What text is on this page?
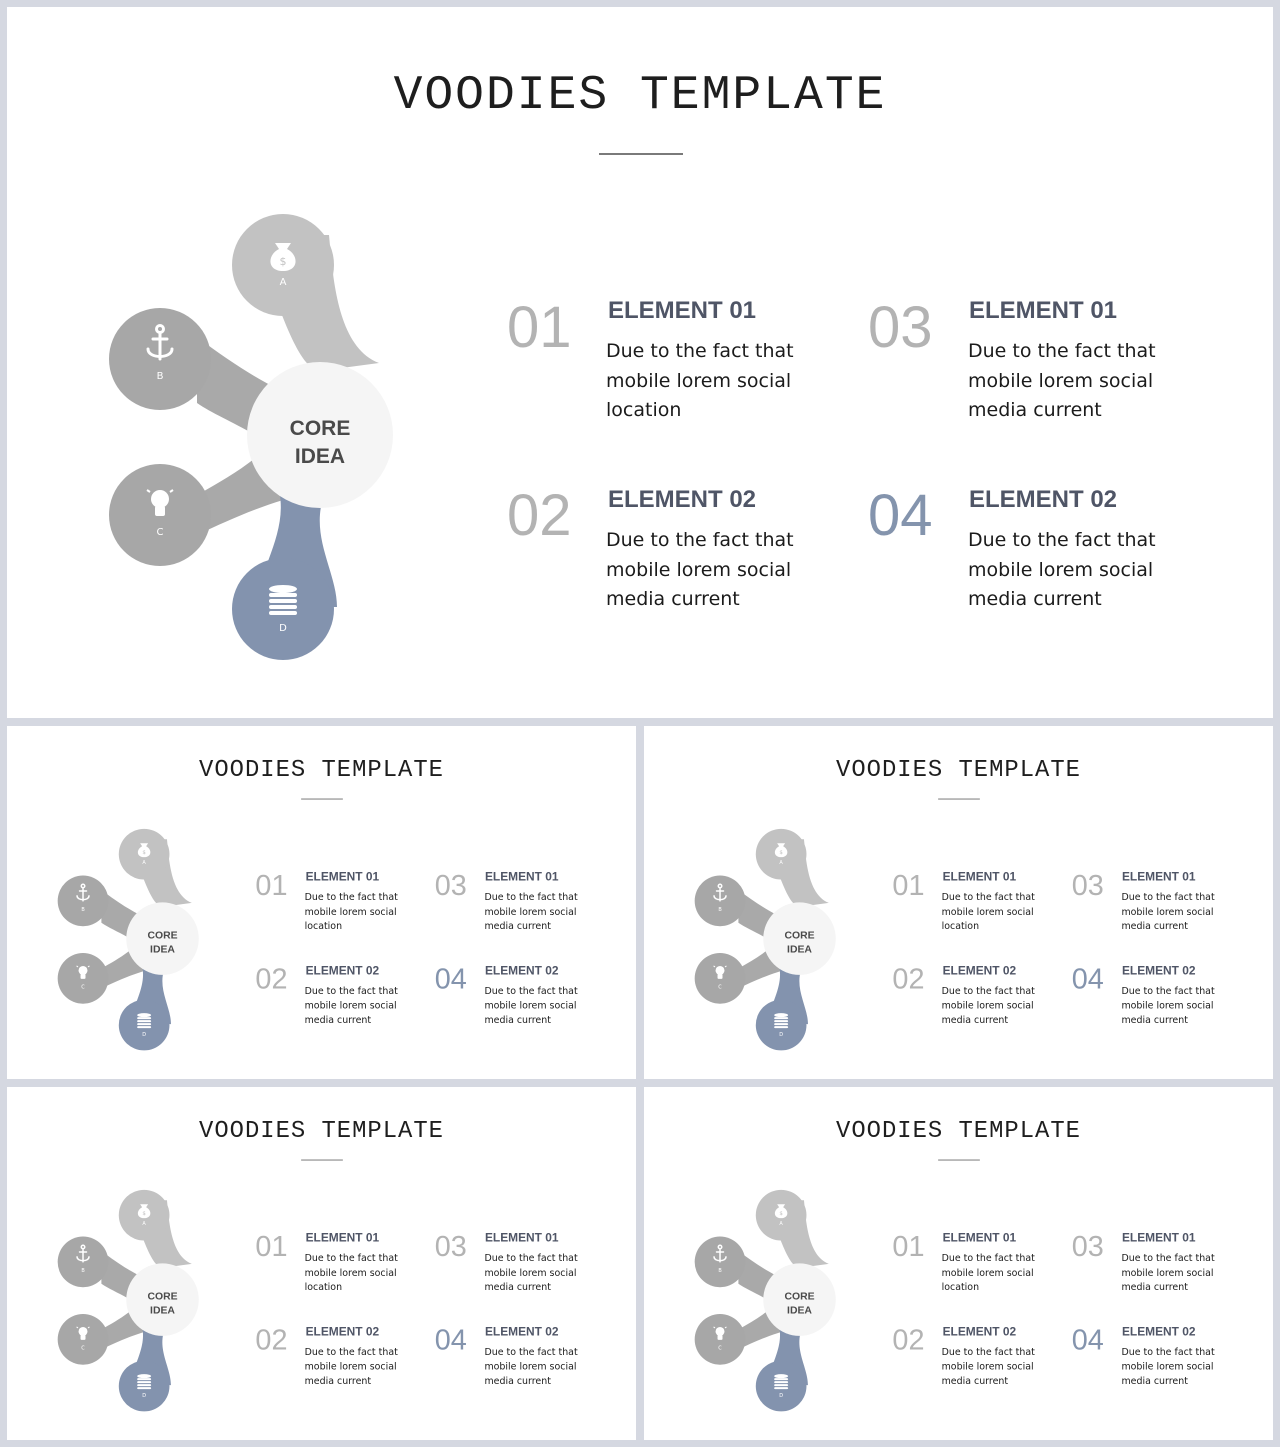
VOODIES TEMPLATE
CORE
IDEA
$
A
B
C
D
01 ELEMENT 01
Due to the fact that
mobile lorem social
location
02 ELEMENT 02
Due to the fact that
mobile lorem social
media current
03 ELEMENT 01
Due to the fact that
mobile lorem social
media current
04 ELEMENT 02
Due to the fact that
mobile lorem social
media current
VOODIES TEMPLATE
CORE
IDEA
$
A
B
C
D
01 ELEMENT 01
Due to the fact that
mobile lorem social
location
02 ELEMENT 02
Due to the fact that
mobile lorem social
media current
03 ELEMENT 01
Due to the fact that
mobile lorem social
media current
04 ELEMENT 02
Due to the fact that
mobile lorem social
media current
VOODIES TEMPLATE
CORE
IDEA
$
A
B
C
D
01 ELEMENT 01
Due to the fact that
mobile lorem social
location
02 ELEMENT 02
Due to the fact that
mobile lorem social
media current
03 ELEMENT 01
Due to the fact that
mobile lorem social
media current
04 ELEMENT 02
Due to the fact that
mobile lorem social
media current
VOODIES TEMPLATE
CORE
IDEA
$
A
B
C
D
01 ELEMENT 01
Due to the fact that
mobile lorem social
location
02 ELEMENT 02
Due to the fact that
mobile lorem social
media current
03 ELEMENT 01
Due to the fact that
mobile lorem social
media current
04 ELEMENT 02
Due to the fact that
mobile lorem social
media current
VOODIES TEMPLATE
CORE
IDEA
$
A
B
C
D
01 ELEMENT 01
Due to the fact that
mobile lorem social
location
02 ELEMENT 02
Due to the fact that
mobile lorem social
media current
03 ELEMENT 01
Due to the fact that
mobile lorem social
media current
04 ELEMENT 02
Due to the fact that
mobile lorem social
media current
